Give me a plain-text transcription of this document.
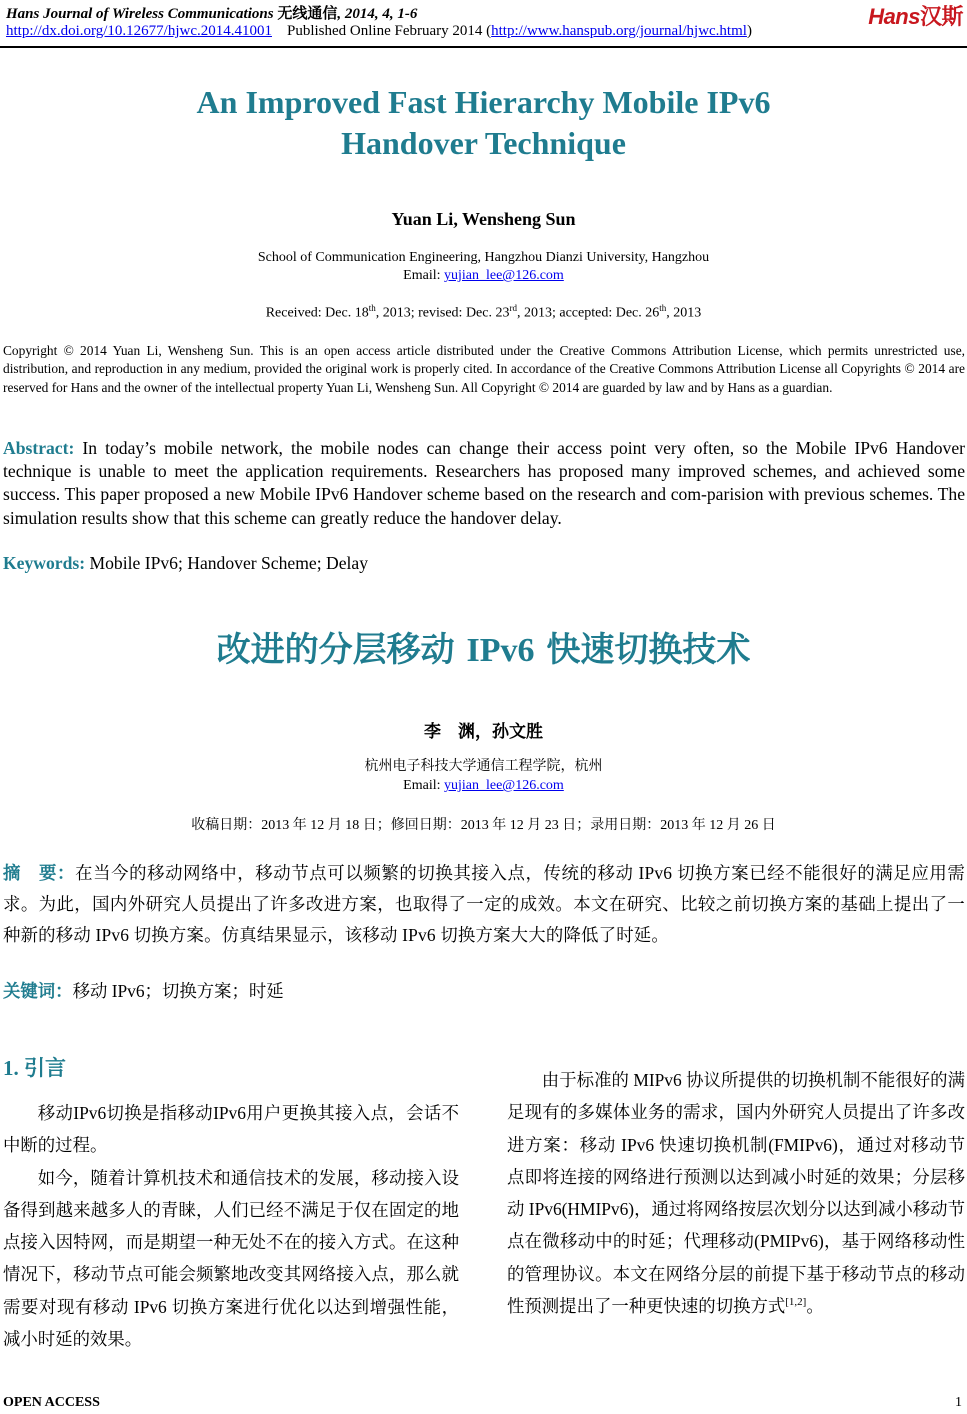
Hans Journal of Wireless Communications 无线通信, 2014, 4, 1-6	Hans汉斯
http://dx.doi.org/10.12677/hjwc.2014.41001 Published Online February 2014 (http://www.hanspub.org/journal/hjwc.html)
An Improved Fast Hierarchy Mobile IPv6
Handover Technique
Yuan Li, Wensheng Sun
School of Communication Engineering, Hangzhou Dianzi University, Hangzhou
Email: yujian_lee@126.com
Received: Dec. 18th, 2013; revised: Dec. 23rd, 2013; accepted: Dec. 26th, 2013
Copyright © 2014 Yuan Li, Wensheng Sun. This is an open access article distributed under the Creative Commons Attribution License, which permits unrestricted use, distribution, and reproduction in any medium, provided the original work is properly cited. In accordance of the Creative Commons Attribution License all Copyrights © 2014 are reserved for Hans and the owner of the intellectual property Yuan Li, Wensheng Sun. All Copyright © 2014 are guarded by law and by Hans as a guardian.
Abstract: In today’s mobile network, the mobile nodes can change their access point very often, so the Mobile IPv6 Handover technique is unable to meet the application requirements. Researchers has proposed many improved schemes, and achieved some success. This paper proposed a new Mobile IPv6 Handover scheme based on the research and com-parision with previous schemes. The simulation results show that this scheme can greatly reduce the handover delay.
Keywords: Mobile IPv6; Handover Scheme; Delay
改进的分层移动 IPv6 快速切换技术
李　渊，孙文胜
杭州电子科技大学通信工程学院，杭州
Email: yujian_lee@126.com
收稿日期：2013 年 12 月 18 日；修回日期：2013 年 12 月 23 日；录用日期：2013 年 12 月 26 日
摘　要：在当今的移动网络中，移动节点可以频繁的切换其接入点，传统的移动 IPv6 切换方案已经不能很好的满足应用需求。为此，国内外研究人员提出了许多改进方案，也取得了一定的成效。本文在研究、比较之前切换方案的基础上提出了一种新的移动 IPv6 切换方案。仿真结果显示，该移动 IPv6 切换方案大大的降低了时延。
关键词：移动 IPv6；切换方案；时延
1. 引言

移动IPv6切换是指移动IPv6用户更换其接入点，会话不中断的过程。

如今，随着计算机技术和通信技术的发展，移动接入设备得到越来越多人的青睐，人们已经不满足于仅在固定的地点接入因特网，而是期望一种无处不在的接入方式。在这种情况下，移动节点可能会频繁地改变其网络接入点，那么就需要对现有移动 IPv6 切换方案进行优化以达到增强性能，减小时延的效果。

由于标准的 MIPv6 协议所提供的切换机制不能很好的满足现有的多媒体业务的需求，国内外研究人员提出了许多改进方案：移动 IPv6 快速切换机制(FMIPv6)，通过对移动节点即将连接的网络进行预测以达到减小时延的效果；分层移动 IPv6(HMIPv6)，通过将网络按层次划分以达到减小移动节点在微移动中的时延；代理移动(PMIPv6)，基于网络移动性的管理协议。本文在网络分层的前提下基于移动节点的移动性预测提出了一种更快速的切换方式[1,2]。

OPEN ACCESS	1
